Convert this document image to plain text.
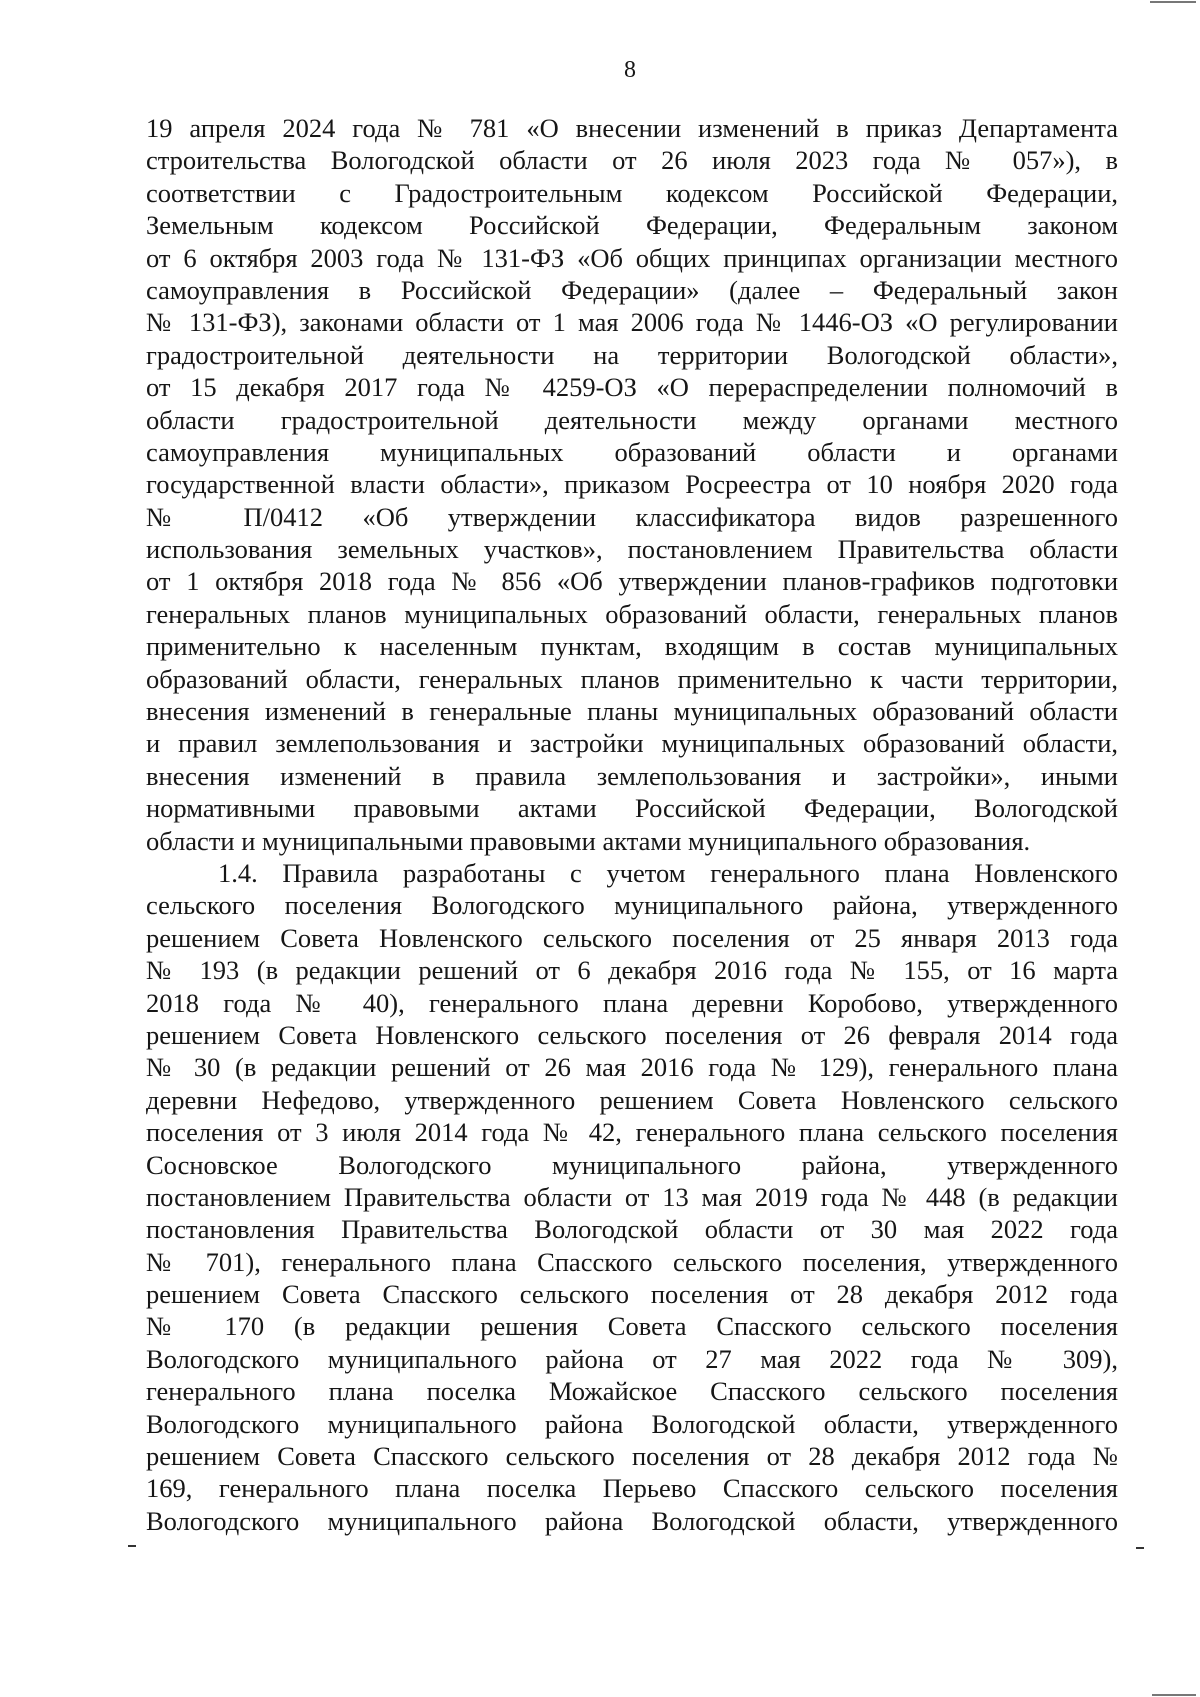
8
19 апреля 2024 года № 781 «О внесении изменений в приказ Департамента
строительства Вологодской области от 26 июля 2023 года № 057»), в
соответствии с Градостроительным кодексом Российской Федерации,
Земельным кодексом Российской Федерации, Федеральным законом
от 6 октября 2003 года № 131-ФЗ «Об общих принципах организации местного
самоуправления в Российской Федерации» (далее – Федеральный закон
№ 131-ФЗ), законами области от 1 мая 2006 года № 1446-ОЗ «О регулировании
градостроительной деятельности на территории Вологодской области»,
от 15 декабря 2017 года № 4259-ОЗ «О перераспределении полномочий в
области градостроительной деятельности между органами местного
самоуправления муниципальных образований области и органами
государственной власти области», приказом Росреестра от 10 ноября 2020 года
№ П/0412 «Об утверждении классификатора видов разрешенного
использования земельных участков», постановлением Правительства области
от 1 октября 2018 года № 856 «Об утверждении планов-графиков подготовки
генеральных планов муниципальных образований области, генеральных планов
применительно к населенным пунктам, входящим в состав муниципальных
образований области, генеральных планов применительно к части территории,
внесения изменений в генеральные планы муниципальных образований области
и правил землепользования и застройки муниципальных образований области,
внесения изменений в правила землепользования и застройки», иными
нормативными правовыми актами Российской Федерации, Вологодской
области и муниципальными правовыми актами муниципального образования.
1.4. Правила разработаны с учетом генерального плана Новленского
сельского поселения Вологодского муниципального района, утвержденного
решением Совета Новленского сельского поселения от 25 января 2013 года
№ 193 (в редакции решений от 6 декабря 2016 года № 155, от 16 марта
2018 года № 40), генерального плана деревни Коробово, утвержденного
решением Совета Новленского сельского поселения от 26 февраля 2014 года
№ 30 (в редакции решений от 26 мая 2016 года № 129), генерального плана
деревни Нефедово, утвержденного решением Совета Новленского сельского
поселения от 3 июля 2014 года № 42, генерального плана сельского поселения
Сосновское Вологодского муниципального района, утвержденного
постановлением Правительства области от 13 мая 2019 года № 448 (в редакции
постановления Правительства Вологодской области от 30 мая 2022 года
№ 701), генерального плана Спасского сельского поселения, утвержденного
решением Совета Спасского сельского поселения от 28 декабря 2012 года
№ 170 (в редакции решения Совета Спасского сельского поселения
Вологодского муниципального района от 27 мая 2022 года № 309),
генерального плана поселка Можайское Спасского сельского поселения
Вологодского муниципального района Вологодской области, утвержденного
решением Совета Спасского сельского поселения от 28 декабря 2012 года №
169, генерального плана поселка Перьево Спасского сельского поселения
Вологодского муниципального района Вологодской области, утвержденного
